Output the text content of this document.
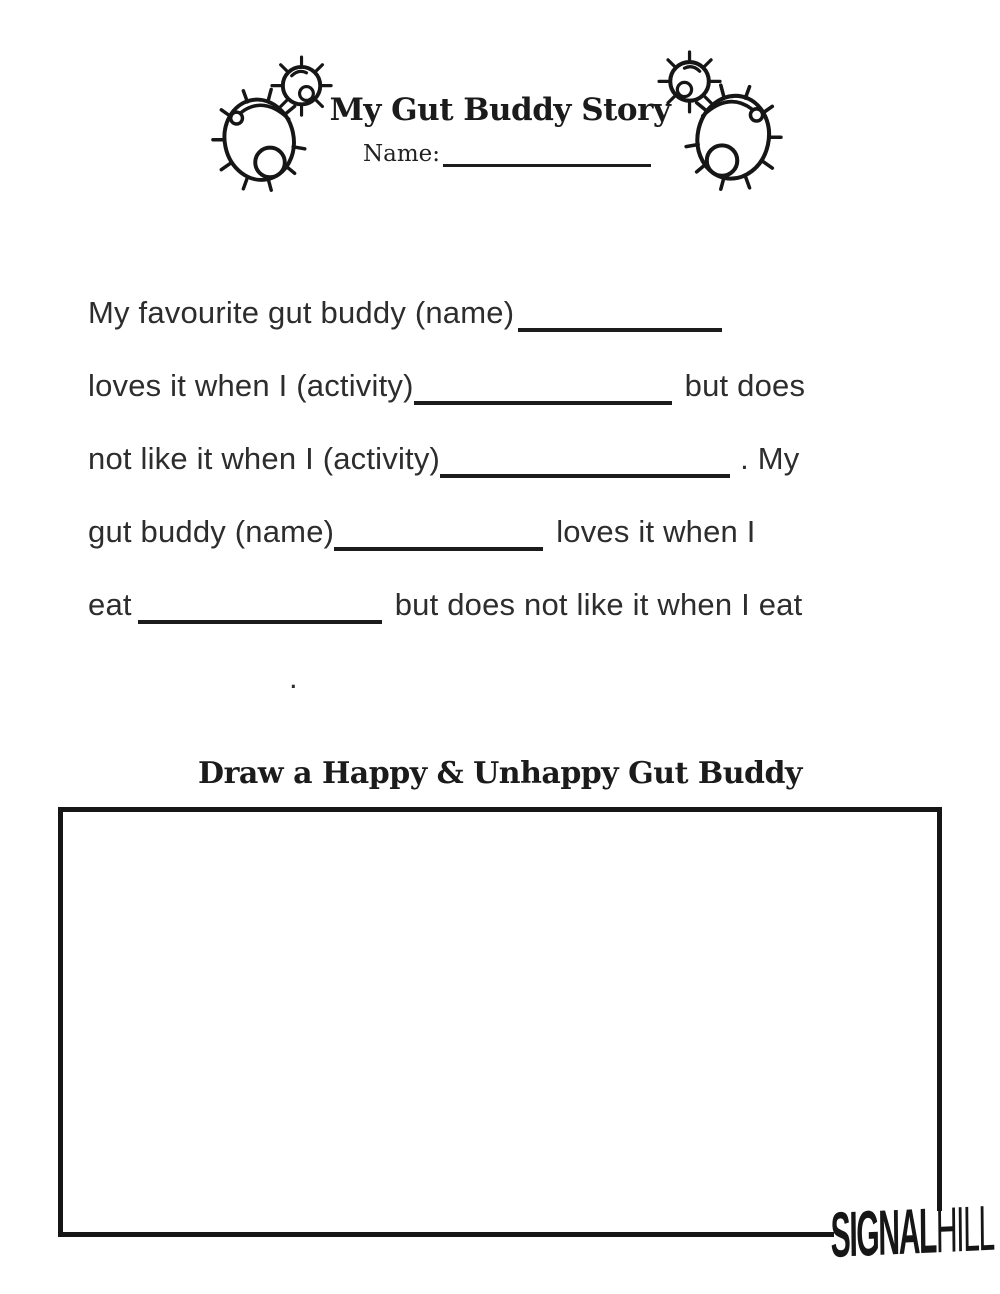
My Gut Buddy Story
Name:

My favourite gut buddy (name)

loves it when I (activity)	but does

not like it when I (activity)	. My

gut buddy (name)	loves it when I

eat	but does not like it when I eat

.

Draw a Happy & Unhappy Gut Buddy
SIGNALHILL
